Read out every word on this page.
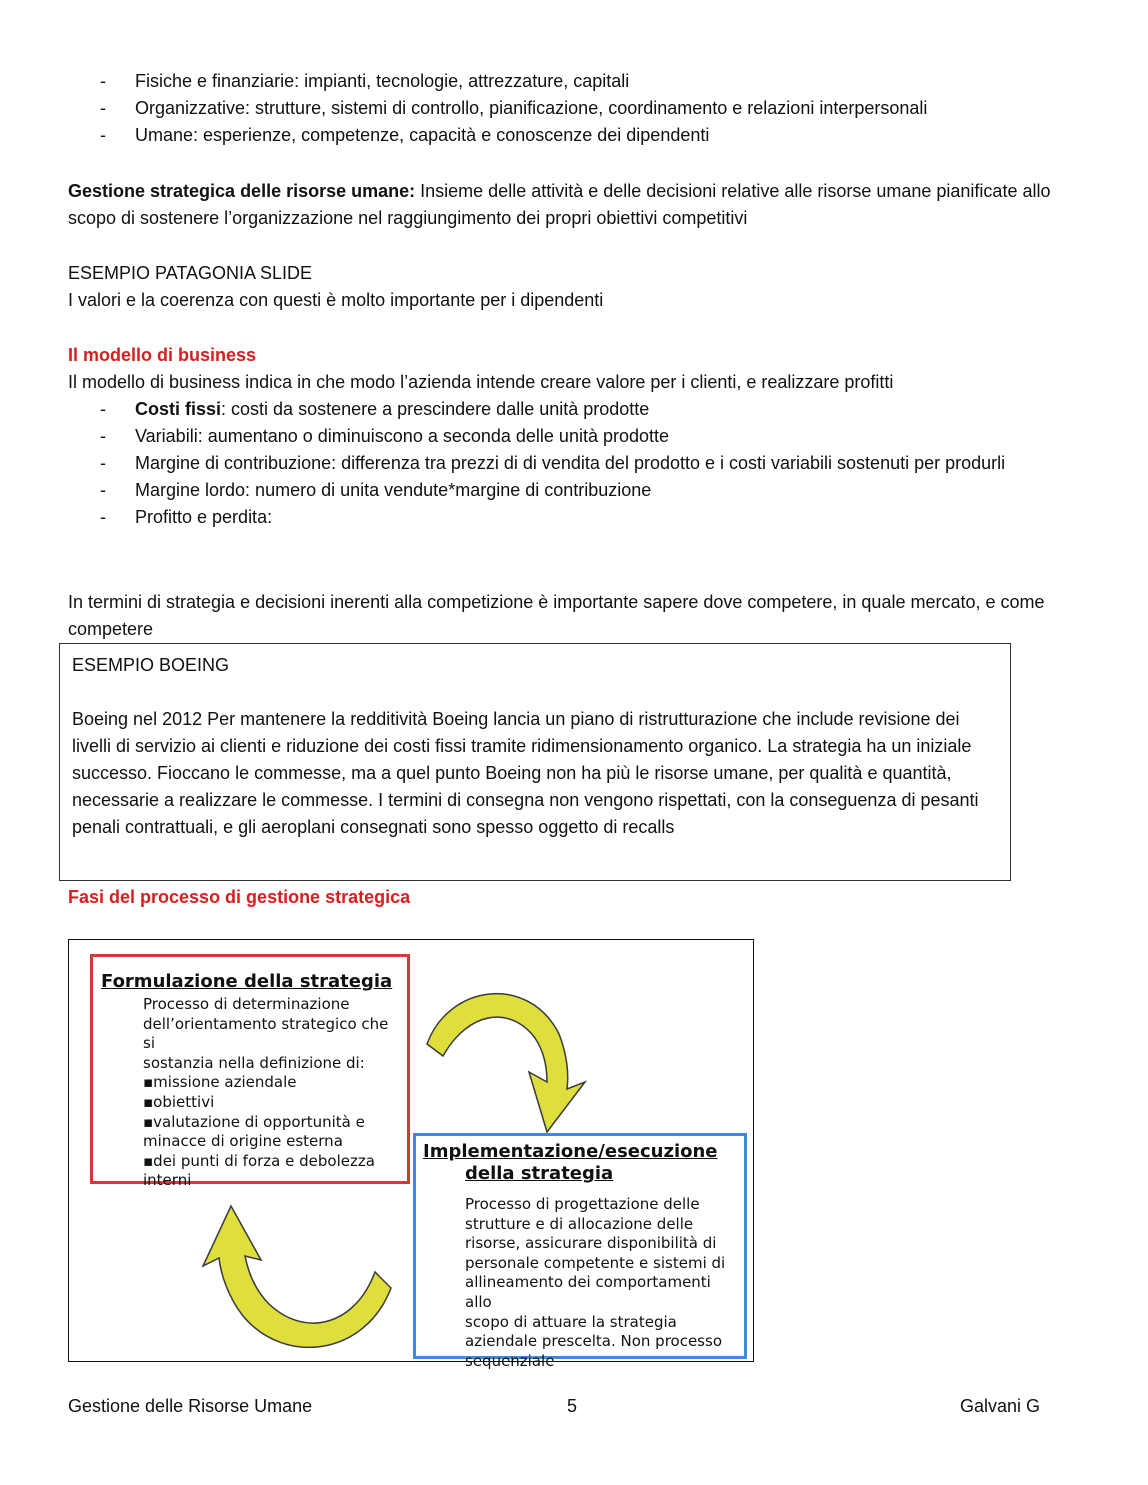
- Fisiche e finanziarie: impianti, tecnologie, attrezzature, capitali
- Organizzative: strutture, sistemi di controllo, pianificazione, coordinamento e relazioni interpersonali
- Umane: esperienze, competenze, capacità e conoscenze dei dipendenti

Gestione strategica delle risorse umane: Insieme delle attività e delle decisioni relative alle risorse umane pianificate allo scopo di sostenere l’organizzazione nel raggiungimento dei propri obiettivi competitivi

ESEMPIO PATAGONIA SLIDE

I valori e la coerenza con questi è molto importante per i dipendenti

Il modello di business

Il modello di business indica in che modo l’azienda intende creare valore per i clienti, e realizzare profitti

- Costi fissi: costi da sostenere a prescindere dalle unità prodotte
- Variabili: aumentano o diminuiscono a seconda delle unità prodotte
- Margine di contribuzione: differenza tra prezzi di di vendita del prodotto e i costi variabili sostenuti per produrli
- Margine lordo: numero di unita vendute*margine di contribuzione
- Profitto e perdita:

In termini di strategia e decisioni inerenti alla competizione è importante sapere dove competere, in quale mercato, e come competere

ESEMPIO BOEING

Boeing nel 2012 Per mantenere la redditività Boeing lancia un piano di ristrutturazione che include revisione dei livelli di servizio ai clienti e riduzione dei costi fissi tramite ridimensionamento organico. La strategia ha un iniziale successo. Fioccano le commesse, ma a quel punto Boeing non ha più le risorse umane, per qualità e quantità, necessarie a realizzare le commesse. I termini di consegna non vengono rispettati, con la conseguenza di pesanti penali contrattuali, e gli aeroplani consegnati sono spesso oggetto di recalls

Fasi del processo di gestione strategica

Formulazione della strategia
Processo di determinazione
dell’orientamento strategico che si
sostanzia nella definizione di:
▪missione aziendale
▪obiettivi
▪valutazione di opportunità e
minacce di origine esterna
▪dei punti di forza e debolezza
interni
Implementazione/esecuzione
della strategia
Processo di progettazione delle
strutture e di allocazione delle
risorse, assicurare disponibilità di
personale competente e sistemi di
allineamento dei comportamenti allo
scopo di attuare la strategia
aziendale prescelta. Non processo
sequenziale
Gestione delle Risorse Umane	5	Galvani G
